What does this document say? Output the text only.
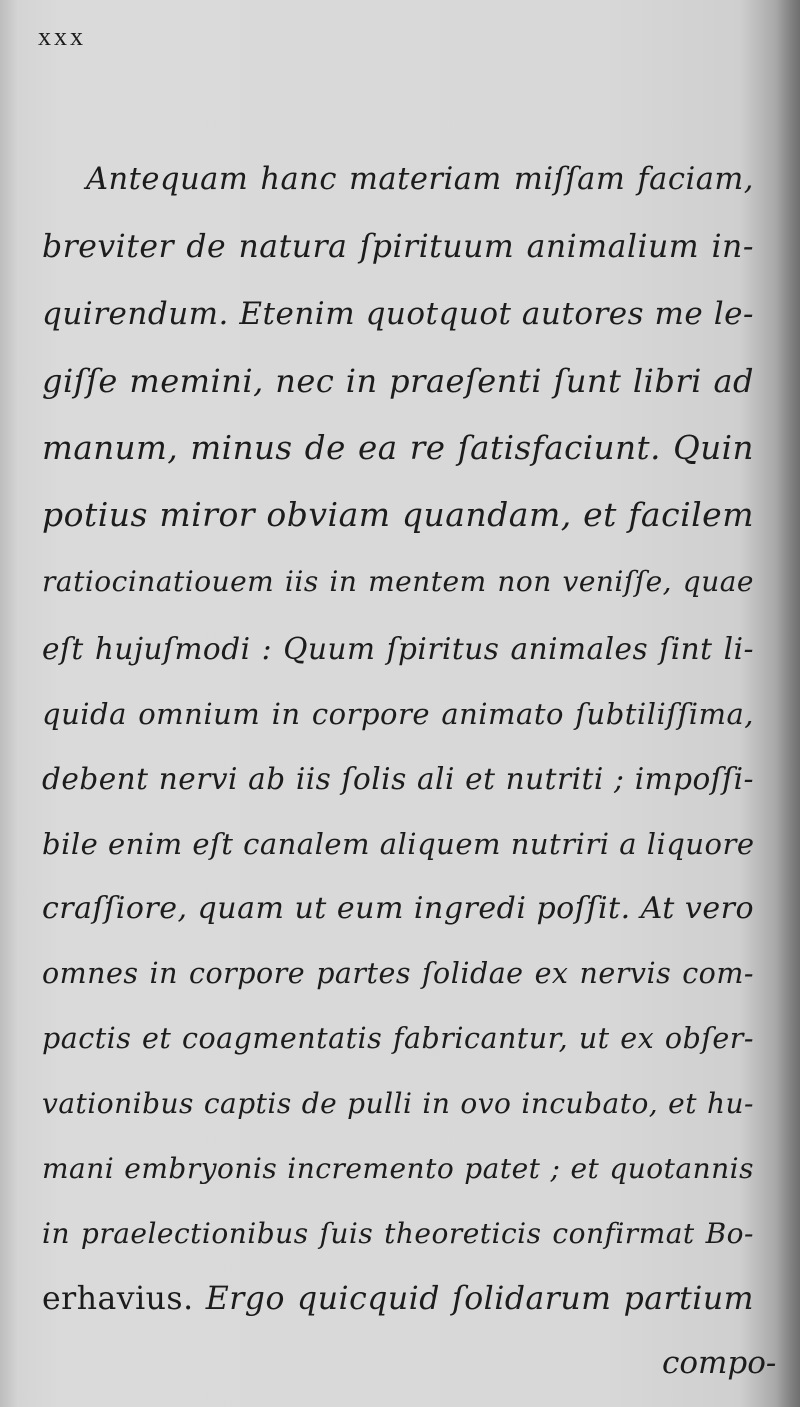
xxx
Antequam hanc materiam miſſam faciam,
breviter de natura ſpirituum animalium in-
quirendum. Etenim quotquot autores me le-
giſſe memini, nec in praeſenti ſunt libri ad
manum, minus de ea re ſatisfaciunt. Quin
potius miror obviam quandam, et facilem
ratiocinatiouem iis in mentem non veniſſe, quae
eſt hujuſmodi : Quum ſpiritus animales ſint li-
quida omnium in corpore animato ſubtiliſſima,
debent nervi ab iis ſolis ali et nutriti ; impoſſi-
bile enim eſt canalem aliquem nutriri a liquore
craſſiore, quam ut eum ingredi poſſit. At vero
omnes in corpore partes ſolidae ex nervis com-
pactis et coagmentatis fabricantur, ut ex obſer-
vationibus captis de pulli in ovo incubato, et hu-
mani embryonis incremento patet ; et quotannis
in praelectionibus ſuis theoreticis confirmat Bo-
erhavius. Ergo quicquid ſolidarum partium
compo-
